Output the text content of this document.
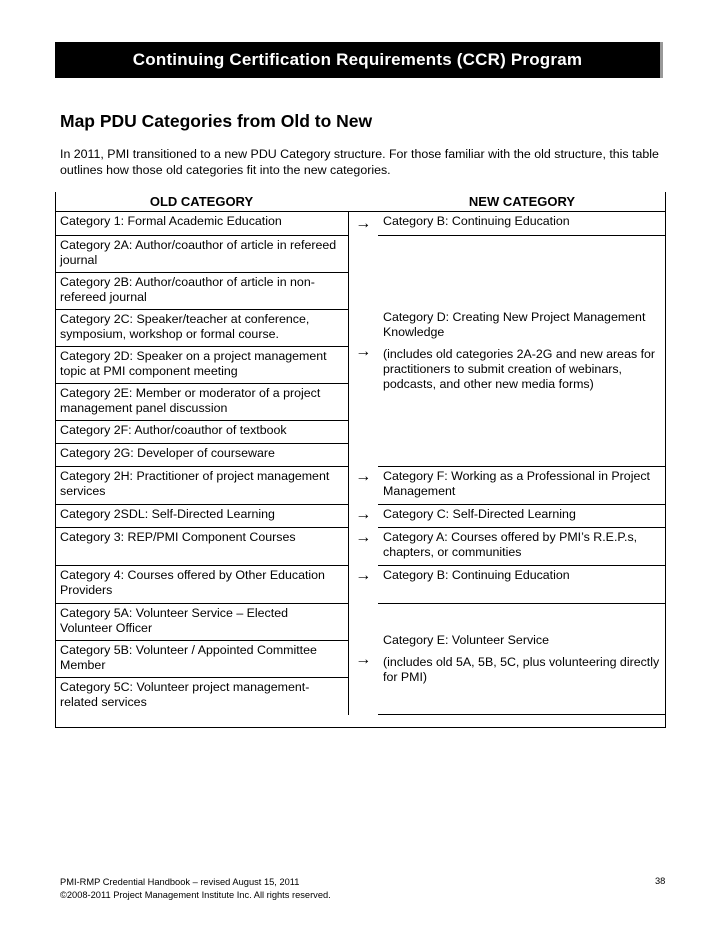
Continuing Certification Requirements (CCR) Program
Map PDU Categories from Old to New
In 2011, PMI transitioned to a new PDU Category structure. For those familiar with the old structure, this table outlines how those old categories fit into the new categories.
OLD CATEGORY		NEW CATEGORY
Category 1: Formal Academic Education	→	Category B: Continuing Education
Category 2A: Author/coauthor of article in refereed journal	→	Category D: Creating New Project Management Knowledge

(includes old categories 2A-2G and new areas for practitioners to submit creation of webinars, podcasts, and other new media forms)

Category 2B: Author/coauthor of article in non-refereed journal		
Category 2C: Speaker/teacher at conference, symposium, workshop or formal course.		
Category 2D: Speaker on a project management topic at PMI component meeting		
Category 2E: Member or moderator of a project management panel discussion		
Category 2F: Author/coauthor of textbook		
Category 2G: Developer of courseware		
Category 2H: Practitioner of project management services	→	Category F: Working as a Professional in Project Management
Category 2SDL: Self-Directed Learning	→	Category C: Self-Directed Learning
Category 3: REP/PMI Component Courses	→	Category A: Courses offered by PMI’s R.E.P.s, chapters, or communities
Category 4: Courses offered by Other Education Providers	→	Category B: Continuing Education
Category 5A: Volunteer Service – Elected Volunteer Officer	→	Category E: Volunteer Service

(includes old 5A, 5B, 5C, plus volunteering directly for PMI)

Category 5B: Volunteer / Appointed Committee Member		
Category 5C: Volunteer project management-related services		
PMI-RMP Credential Handbook – revised August 15, 2011
©2008-2011 Project Management Institute Inc. All rights reserved.
38
